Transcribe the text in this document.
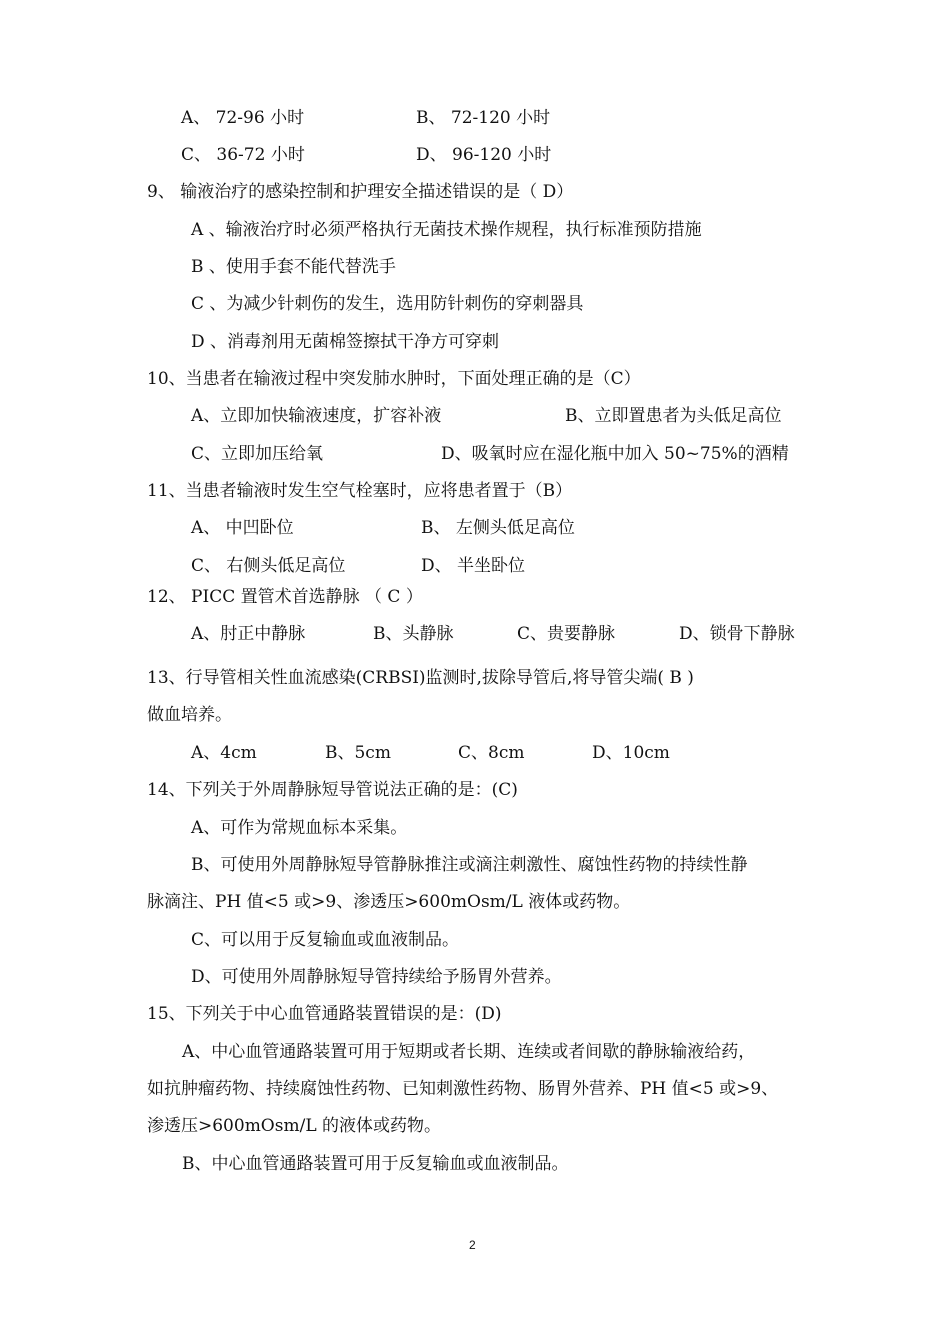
A、 72-96 小时	B、 72-120 小时
C、 36-72 小时	D、 96-120 小时
9、 输液治疗的感染控制和护理安全描述错误的是（ D）
A 、输液治疗时必须严格执行无菌技术操作规程，执行标准预防措施
B 、使用手套不能代替洗手
C 、为减少针刺伤的发生，选用防针刺伤的穿刺器具
D 、消毒剂用无菌棉签擦拭干净方可穿刺
10、当患者在输液过程中突发肺水肿时，下面处理正确的是（C）
A、立即加快输液速度，扩容补液	B、立即置患者为头低足高位
C、立即加压给氧	D、吸氧时应在湿化瓶中加入 50~75%的酒精
11、当患者输液时发生空气栓塞时，应将患者置于（B）
A、 中凹卧位	B、 左侧头低足高位
C、 右侧头低足高位	D、 半坐卧位
12、 PICC 置管术首选静脉 （ C ）
A、肘正中静脉	B、头静脉	C、贵要静脉	D、锁骨下静脉
13、行导管相关性血流感染(CRBSI)监测时,拔除导管后,将导管尖端( B )
做血培养。
A、4cm	B、5cm	C、8cm	D、10cm
14、下列关于外周静脉短导管说法正确的是：(C)
A、可作为常规血标本采集。
B、可使用外周静脉短导管静脉推注或滴注刺激性、腐蚀性药物的持续性静
脉滴注、PH 值<5 或>9、渗透压>600mOsm/L 液体或药物。
C、可以用于反复输血或血液制品。
D、可使用外周静脉短导管持续给予肠胃外营养。
15、下列关于中心血管通路装置错误的是：(D)
A、中心血管通路装置可用于短期或者长期、连续或者间歇的静脉输液给药，
如抗肿瘤药物、持续腐蚀性药物、已知刺激性药物、肠胃外营养、PH 值<5 或>9、
渗透压>600mOsm/L 的液体或药物。
B、中心血管通路装置可用于反复输血或血液制品。
2
